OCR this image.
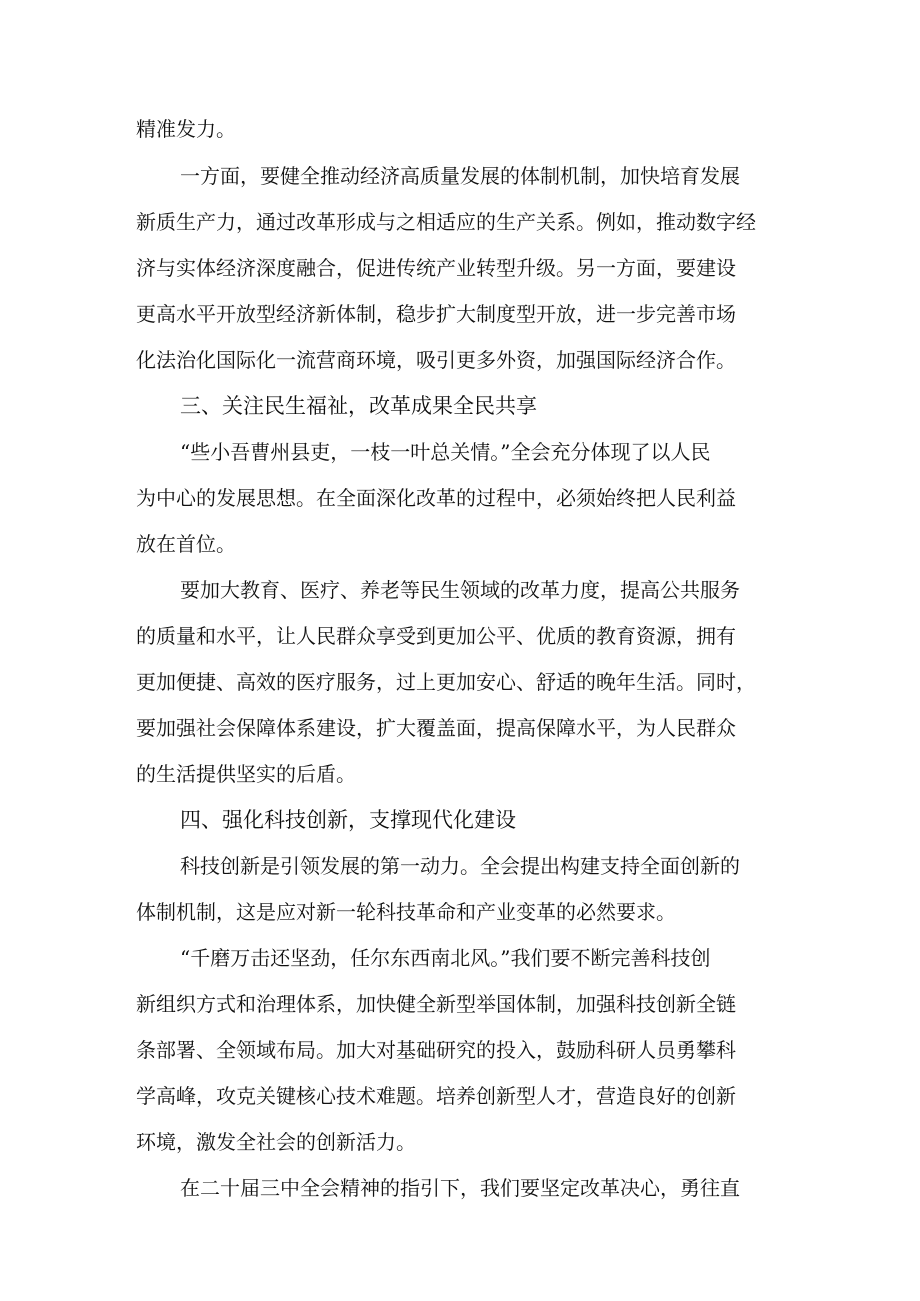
精准发力。

一方面，要健全推动经济高质量发展的体制机制，加快培育发展

新质生产力，通过改革形成与之相适应的生产关系。例如，推动数字经

济与实体经济深度融合，促进传统产业转型升级。另一方面，要建设

更高水平开放型经济新体制，稳步扩大制度型开放，进一步完善市场

化法治化国际化一流营商环境，吸引更多外资，加强国际经济合作。

三、关注民生福祉，改革成果全民共享

“些小吾曹州县吏，一枝一叶总关情。”全会充分体现了以人民

为中心的发展思想。在全面深化改革的过程中，必须始终把人民利益

放在首位。

要加大教育、医疗、养老等民生领域的改革力度，提高公共服务

的质量和水平，让人民群众享受到更加公平、优质的教育资源，拥有

更加便捷、高效的医疗服务，过上更加安心、舒适的晚年生活。同时，

要加强社会保障体系建设，扩大覆盖面，提高保障水平，为人民群众

的生活提供坚实的后盾。

四、强化科技创新，支撑现代化建设

科技创新是引领发展的第一动力。全会提出构建支持全面创新的

体制机制，这是应对新一轮科技革命和产业变革的必然要求。

“千磨万击还坚劲，任尔东西南北风。”我们要不断完善科技创

新组织方式和治理体系，加快健全新型举国体制，加强科技创新全链

条部署、全领域布局。加大对基础研究的投入，鼓励科研人员勇攀科

学高峰，攻克关键核心技术难题。培养创新型人才，营造良好的创新

环境，激发全社会的创新活力。

在二十届三中全会精神的指引下，我们要坚定改革决心，勇往直
